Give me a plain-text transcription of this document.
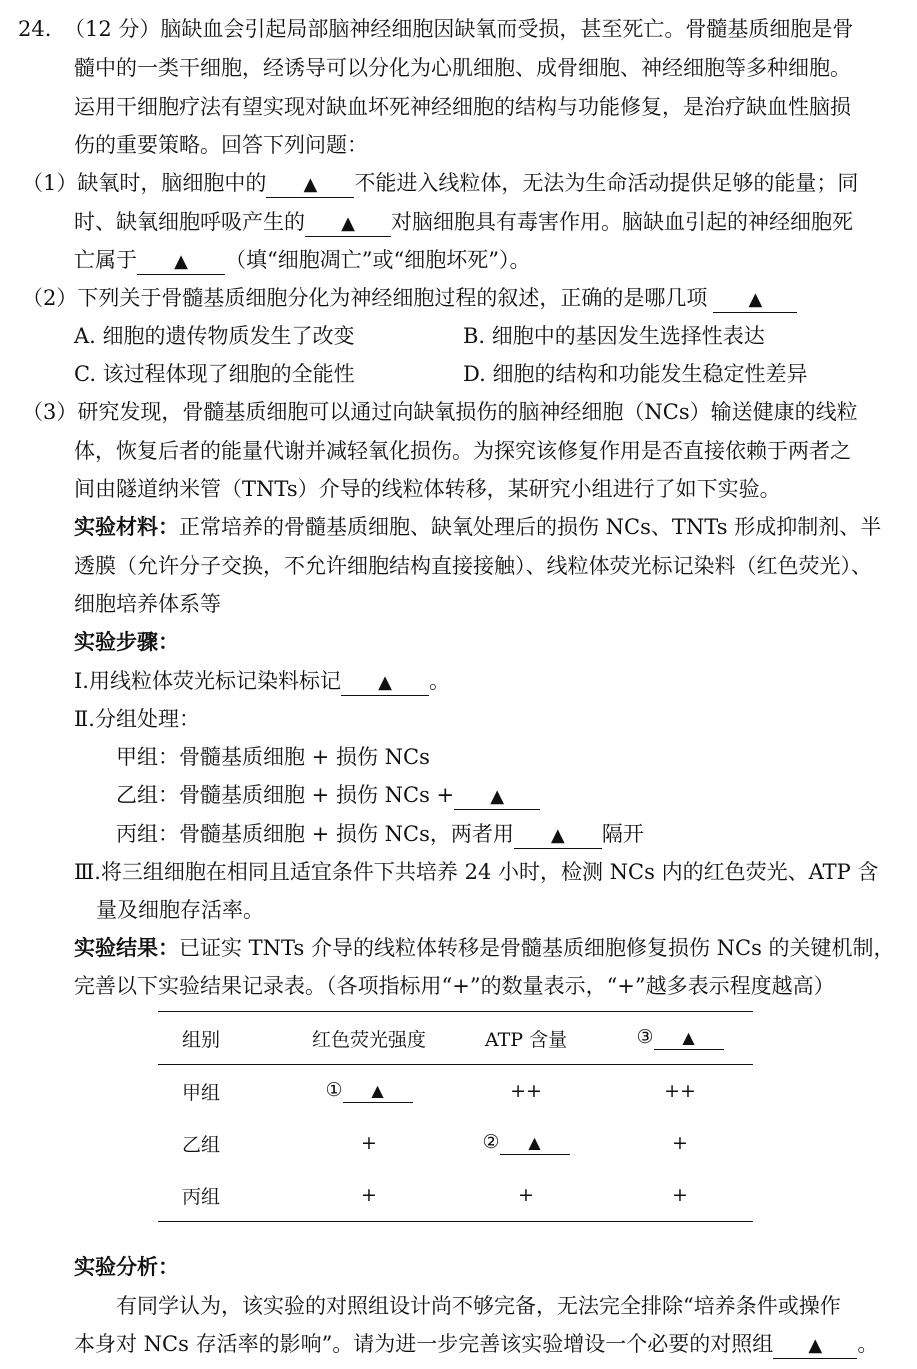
24. （12 分）脑缺血会引起局部脑神经细胞因缺氧而受损，甚至死亡。骨髓基质细胞是骨
髓中的一类干细胞，经诱导可以分化为心肌细胞、成骨细胞、神经细胞等多种细胞。
运用干细胞疗法有望实现对缺血坏死神经细胞的结构与功能修复，是治疗缺血性脑损
伤的重要策略。回答下列问题：
（1）缺氧时，脑细胞中的 ▲ 不能进入线粒体，无法为生命活动提供足够的能量；同
时、缺氧细胞呼吸产生的 ▲ 对脑细胞具有毒害作用。脑缺血引起的神经细胞死
亡属于 ▲ （填“细胞凋亡”或“细胞坏死”）。
（2）下列关于骨髓基质细胞分化为神经细胞过程的叙述，正确的是哪几项 ▲
A. 细胞的遗传物质发生了改变	B. 细胞中的基因发生选择性表达
C. 该过程体现了细胞的全能性	D. 细胞的结构和功能发生稳定性差异
（3）研究发现，骨髓基质细胞可以通过向缺氧损伤的脑神经细胞（NCs）输送健康的线粒
体，恢复后者的能量代谢并减轻氧化损伤。为探究该修复作用是否直接依赖于两者之
间由隧道纳米管（TNTs）介导的线粒体转移，某研究小组进行了如下实验。
实验材料：正常培养的骨髓基质细胞、缺氧处理后的损伤 NCs、TNTs 形成抑制剂、半
透膜（允许分子交换，不允许细胞结构直接接触）、线粒体荧光标记染料（红色荧光）、
细胞培养体系等
实验步骤：
Ⅰ.用线粒体荧光标记染料标记 ▲ 。
Ⅱ.分组处理：
甲组：骨髓基质细胞 + 损伤 NCs
乙组：骨髓基质细胞 + 损伤 NCs + ▲
丙组：骨髓基质细胞 + 损伤 NCs，两者用 ▲ 隔开
Ⅲ.将三组细胞在相同且适宜条件下共培养 24 小时，检测 NCs 内的红色荧光、ATP 含
量及细胞存活率。
实验结果：已证实 TNTs 介导的线粒体转移是骨髓基质细胞修复损伤 NCs 的关键机制，
完善以下实验结果记录表。（各项指标用“+”的数量表示，“+”越多表示程度越高）
组别	红色荧光强度	ATP 含量	③ ▲
甲组	① ▲	++	++
乙组	+	② ▲	+
丙组	+	+	+
实验分析：
有同学认为，该实验的对照组设计尚不够完备，无法完全排除“培养条件或操作
本身对 NCs 存活率的影响”。请为进一步完善该实验增设一个必要的对照组 ▲ 。
